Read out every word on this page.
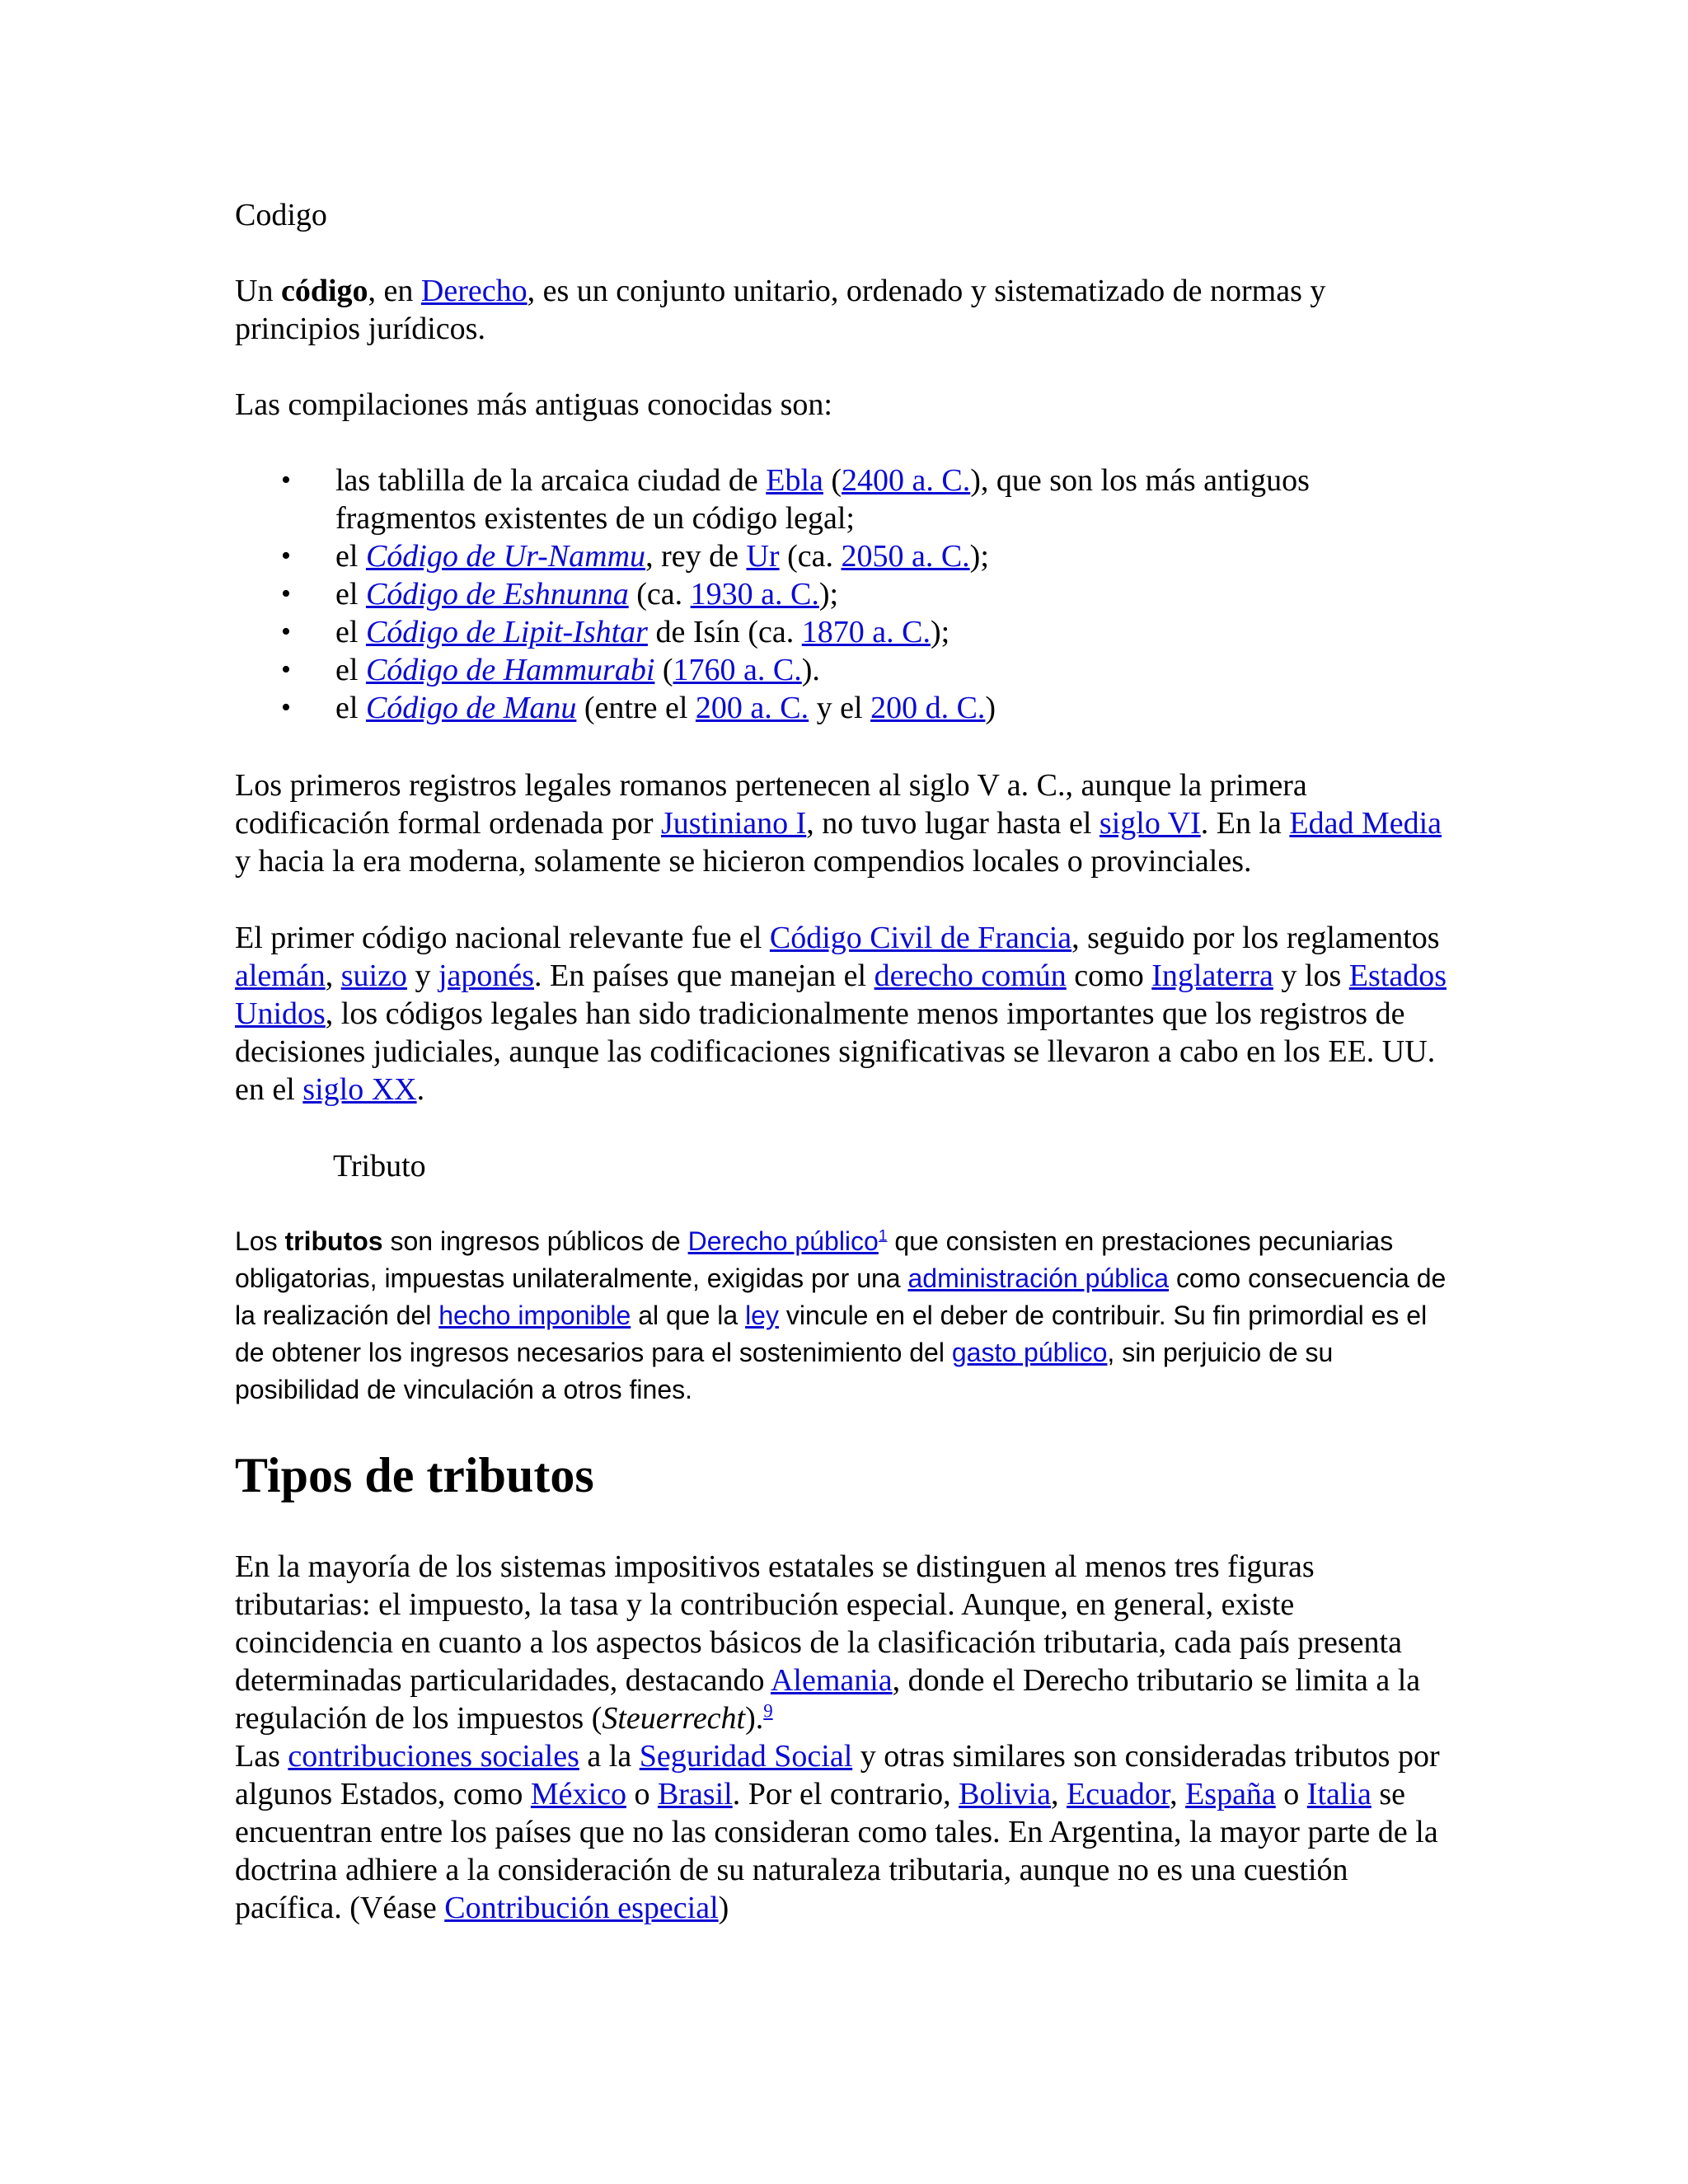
Codigo

Un código, en Derecho, es un conjunto unitario, ordenado y sistematizado de normas y principios jurídicos.

Las compilaciones más antiguas conocidas son:

• las tablilla de la arcaica ciudad de Ebla (2400 a. C.), que son los más antiguos fragmentos existentes de un código legal;
• el Código de Ur-Nammu, rey de Ur (ca. 2050 a. C.);
• el Código de Eshnunna (ca. 1930 a. C.);
• el Código de Lipit-Ishtar de Isín (ca. 1870 a. C.);
• el Código de Hammurabi (1760 a. C.).
• el Código de Manu (entre el 200 a. C. y el 200 d. C.)

Los primeros registros legales romanos pertenecen al siglo V a. C., aunque la primera codificación formal ordenada por Justiniano I, no tuvo lugar hasta el siglo VI. En la Edad Media y hacia la era moderna, solamente se hicieron compendios locales o provinciales.

El primer código nacional relevante fue el Código Civil de Francia, seguido por los reglamentos alemán, suizo y japonés. En países que manejan el derecho común como Inglaterra y los Estados Unidos, los códigos legales han sido tradicionalmente menos importantes que los registros de decisiones judiciales, aunque las codificaciones significativas se llevaron a cabo en los EE. UU. en el siglo XX.

Tributo

Los tributos son ingresos públicos de Derecho público$^1$ que consisten en prestaciones pecuniarias obligatorias, impuestas unilateralmente, exigidas por una administración pública como consecuencia de la realización del hecho imponible al que la ley vincule en el deber de contribuir. Su fin primordial es el de obtener los ingresos necesarios para el sostenimiento del gasto público, sin perjuicio de su posibilidad de vinculación a otros fines.

Tipos de tributos

En la mayoría de los sistemas impositivos estatales se distinguen al menos tres figuras tributarias: el impuesto, la tasa y la contribución especial. Aunque, en general, existe coincidencia en cuanto a los aspectos básicos de la clasificación tributaria, cada país presenta determinadas particularidades, destacando Alemania, donde el Derecho tributario se limita a la regulación de los impuestos (Steuerrecht).$^9$

Las contribuciones sociales a la Seguridad Social y otras similares son consideradas tributos por algunos Estados, como México o Brasil. Por el contrario, Bolivia, Ecuador, España o Italia se encuentran entre los países que no las consideran como tales. En Argentina, la mayor parte de la doctrina adhiere a la consideración de su naturaleza tributaria, aunque no es una cuestión pacífica. (Véase Contribución especial)
